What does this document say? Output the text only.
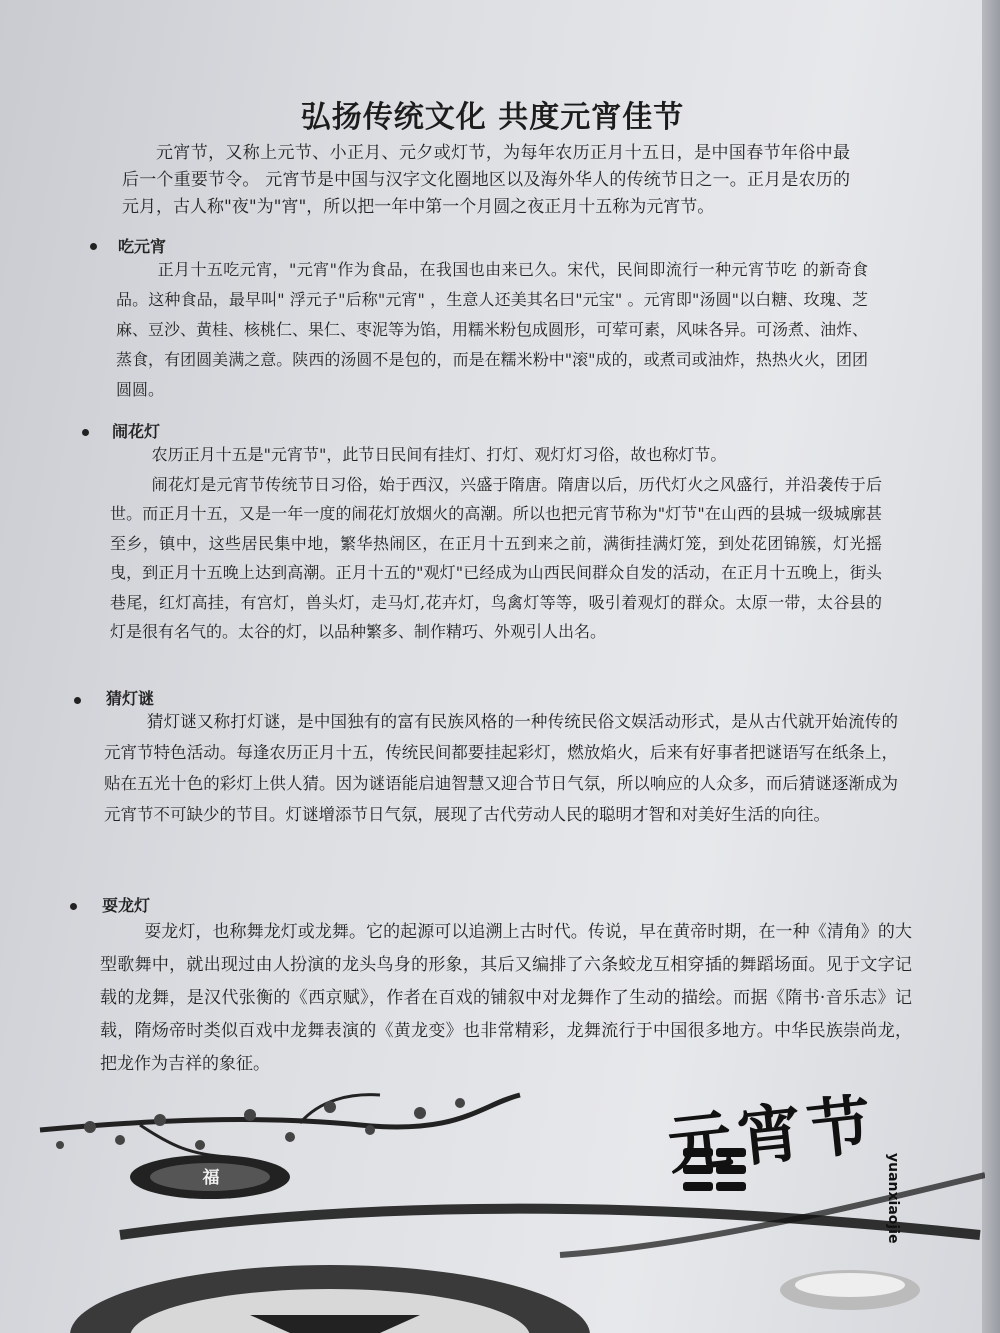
弘扬传统文化 共度元宵佳节

元宵节，又称上元节、小正月、元夕或灯节，为每年农历正月十五日，是中国春节年俗中最后一个重要节令。 元宵节是中国与汉字文化圈地区以及海外华人的传统节日之一。正月是农历的元月，古人称"夜"为"宵"，所以把一年中第一个月圆之夜正月十五称为元宵节。

吃元宵

正月十五吃元宵，"元宵"作为食品，在我国也由来已久。宋代，民间即流行一种元宵节吃 的新奇食品。这种食品，最早叫" 浮元子"后称"元宵" ，生意人还美其名曰"元宝" 。元宵即"汤圆"以白糖、玫瑰、芝麻、豆沙、黄桂、核桃仁、果仁、枣泥等为馅，用糯米粉包成圆形，可荤可素，风味各异。可汤煮、油炸、蒸食，有团圆美满之意。陕西的汤圆不是包的，而是在糯米粉中"滚"成的，或煮司或油炸，热热火火，团团圆圆。

闹花灯

农历正月十五是"元宵节"，此节日民间有挂灯、打灯、观灯灯习俗，故也称灯节。

闹花灯是元宵节传统节日习俗，始于西汉，兴盛于隋唐。隋唐以后，历代灯火之风盛行，并沿袭传于后世。而正月十五，又是一年一度的闹花灯放烟火的高潮。所以也把元宵节称为"灯节"在山西的县城一级城廓甚至乡，镇中，这些居民集中地，繁华热闹区，在正月十五到来之前，满街挂满灯笼，到处花团锦簇，灯光摇曳，到正月十五晚上达到高潮。正月十五的"观灯"已经成为山西民间群众自发的活动，在正月十五晚上，街头巷尾，红灯高挂，有宫灯，兽头灯，走马灯,花卉灯，鸟禽灯等等，吸引着观灯的群众。太原一带，太谷县的灯是很有名气的。太谷的灯，以品种繁多、制作精巧、外观引人出名。

猜灯谜

猜灯谜又称打灯谜，是中国独有的富有民族风格的一种传统民俗文娱活动形式，是从古代就开始流传的元宵节特色活动。每逢农历正月十五，传统民间都要挂起彩灯，燃放焰火，后来有好事者把谜语写在纸条上，贴在五光十色的彩灯上供人猜。因为谜语能启迪智慧又迎合节日气氛，所以响应的人众多，而后猜谜逐渐成为元宵节不可缺少的节目。灯谜增添节日气氛，展现了古代劳动人民的聪明才智和对美好生活的向往。

耍龙灯

耍龙灯，也称舞龙灯或龙舞。它的起源可以追溯上古时代。传说，早在黄帝时期，在一种《清角》的大型歌舞中，就出现过由人扮演的龙头鸟身的形象，其后又编排了六条蛟龙互相穿插的舞蹈场面。见于文字记载的龙舞，是汉代张衡的《西京赋》，作者在百戏的铺叙中对龙舞作了生动的描绘。而据《隋书·音乐志》记载，隋炀帝时类似百戏中龙舞表演的《黄龙变》也非常精彩，龙舞流行于中国很多地方。中华民族崇尚龙，把龙作为吉祥的象征。

元宵节

yuanxiaojie

福
